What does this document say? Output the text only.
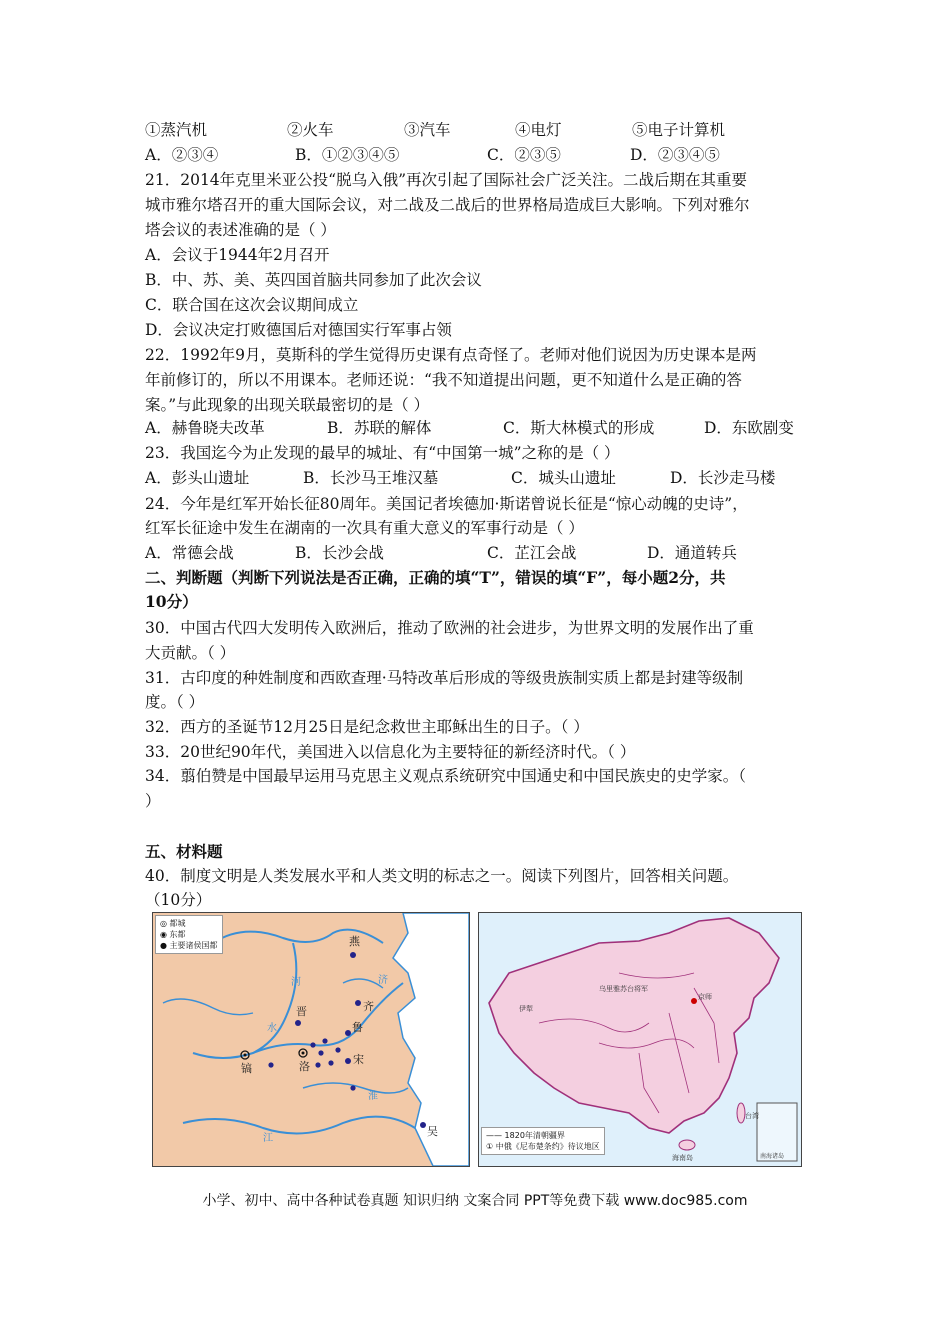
①蒸汽机	②火车	③汽车	④电灯	⑤电子计算机
A．②③④	B．①②③④⑤	C．②③⑤	D．②③④⑤
21．2014年克里米亚公投“脱乌入俄”再次引起了国际社会广泛关注。二战后期在其重要
城市雅尔塔召开的重大国际会议，对二战及二战后的世界格局造成巨大影响。下列对雅尔
塔会议的表述准确的是（ ）
A．会议于1944年2月召开
B．中、苏、美、英四国首脑共同参加了此次会议
C．联合国在这次会议期间成立
D．会议决定打败德国后对德国实行军事占领
22．1992年9月，莫斯科的学生觉得历史课有点奇怪了。老师对他们说因为历史课本是两
年前修订的，所以不用课本。老师还说：“我不知道提出问题，更不知道什么是正确的答
案。”与此现象的出现关联最密切的是（ ）
A．赫鲁晓夫改革	B．苏联的解体	C．斯大林模式的形成	D．东欧剧变
23．我国迄今为止发现的最早的城址、有“中国第一城”之称的是（ ）
A．彭头山遗址	B．长沙马王堆汉墓	C．城头山遗址	D．长沙走马楼
24．今年是红军开始长征80周年。美国记者埃德加·斯诺曾说长征是“惊心动魄的史诗”，
红军长征途中发生在湖南的一次具有重大意义的军事行动是（ ）
A．常德会战	B．长沙会战	C．芷江会战	D．通道转兵
二、判断题（判断下列说法是否正确，正确的填“T”，错误的填“F”，每小题2分，共
10分）
30．中国古代四大发明传入欧洲后，推动了欧洲的社会进步，为世界文明的发展作出了重
大贡献。（ ）
31．古印度的种姓制度和西欧查理·马特改革后形成的等级贵族制实质上都是封建等级制
度。（ ）
32．西方的圣诞节12月25日是纪念救世主耶稣出生的日子。（ ）
33．20世纪90年代，美国进入以信息化为主要特征的新经济时代。（ ）
34．翦伯赞是中国最早运用马克思主义观点系统研究中国通史和中国民族史的史学家。（
）
五、材料题
40．制度文明是人类发展水平和人类文明的标志之一。阅读下列图片，回答相关问题。
（10分）
燕
齐
晋
鲁
宋
镐	洛
吴
河
水
淮
江
济
◎ 都城
◉ 东都
● 主要诸侯国都
乌里雅苏台将军
伊犁
京师
海南岛
台湾
南海诸岛
—— 1820年清朝疆界
① 中俄《尼布楚条约》待议地区
小学、初中、高中各种试卷真题 知识归纳 文案合同 PPT等免费下载 www.doc985.com
